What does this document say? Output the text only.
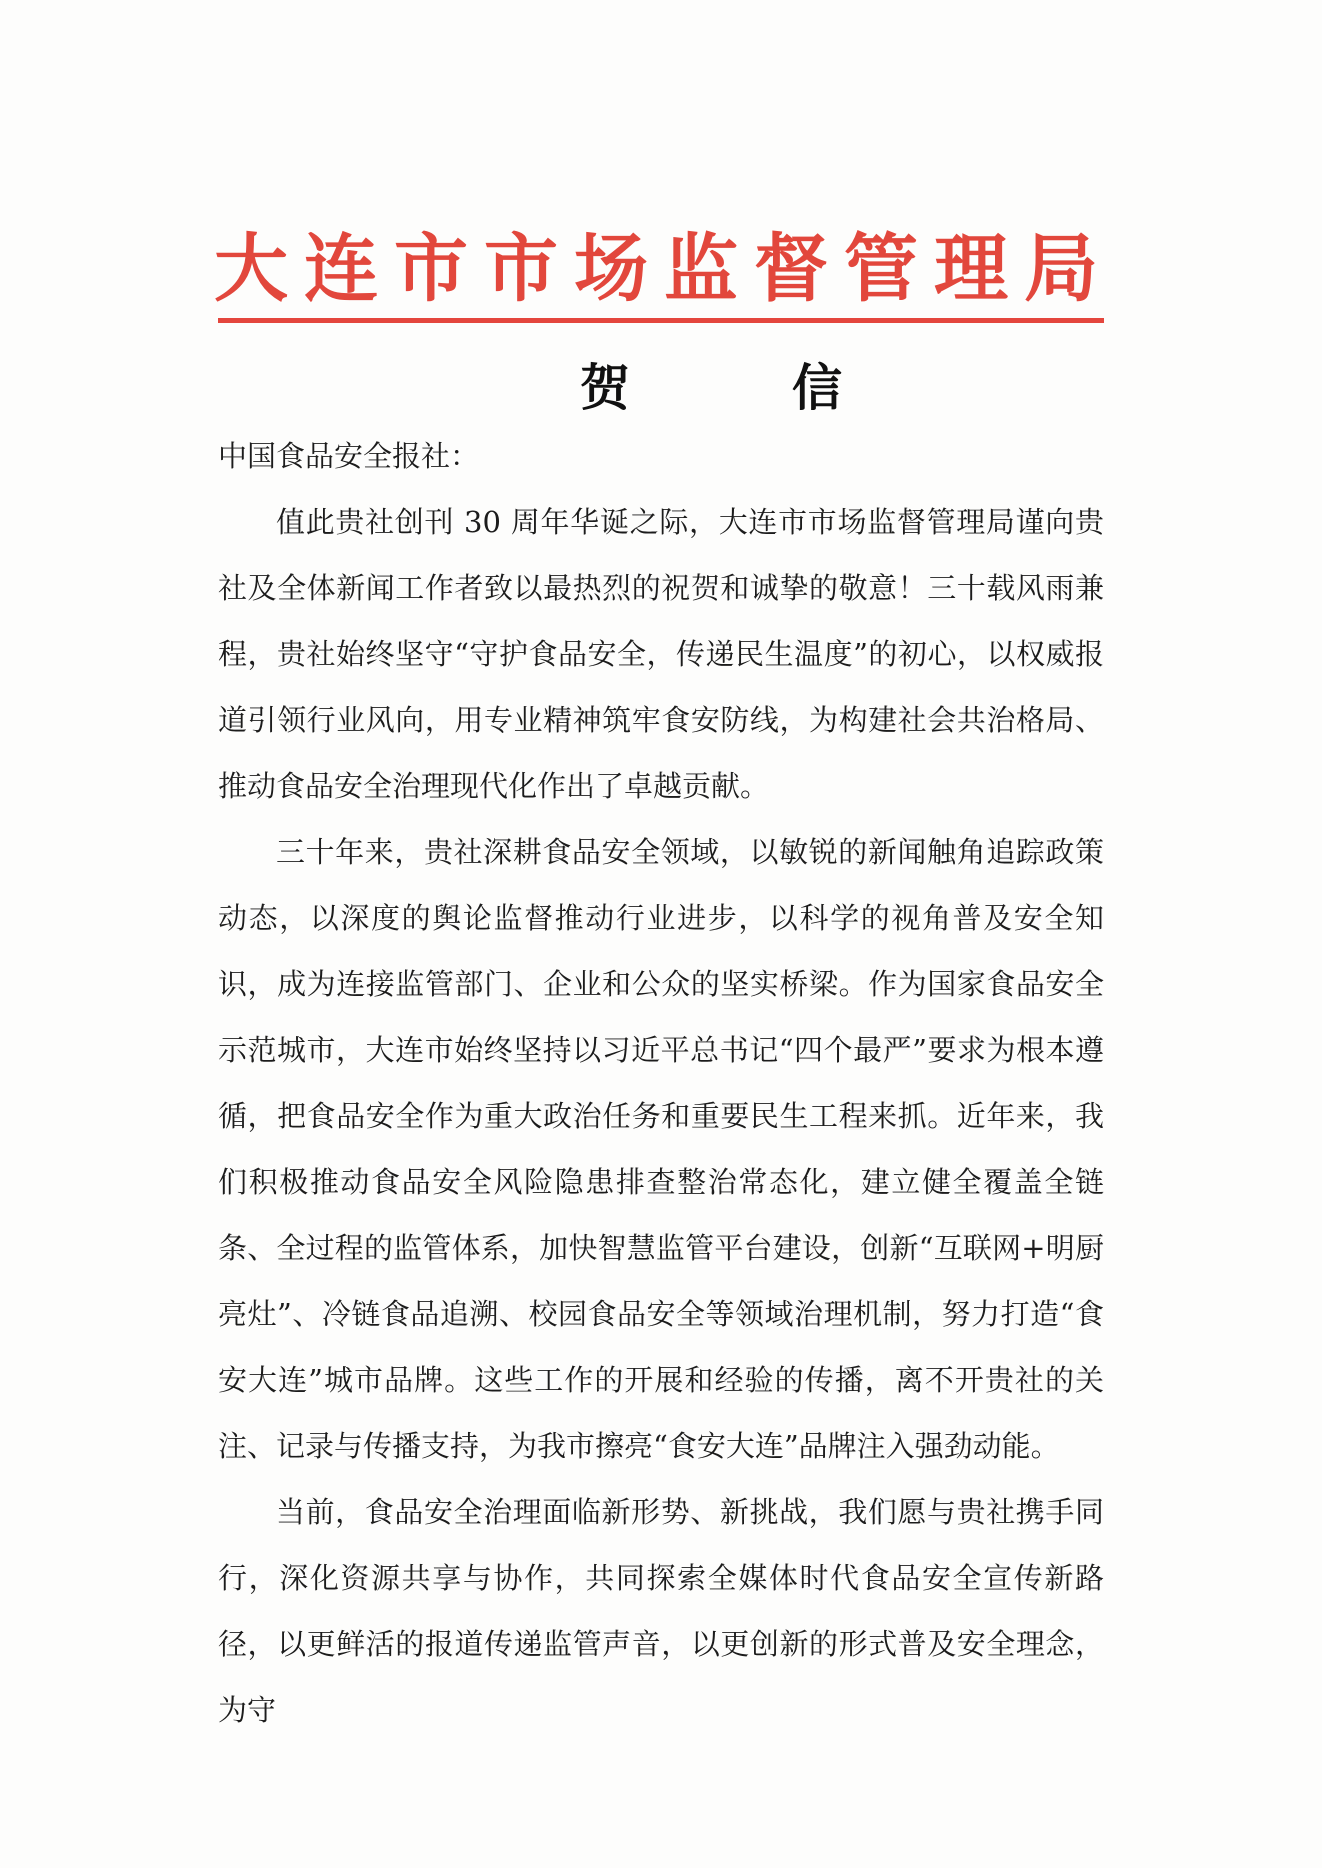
大连市市场监督管理局
贺　　信

中国食品安全报社：

值此贵社创刊 30 周年华诞之际，大连市市场监督管理局谨向贵社及全体新闻工作者致以最热烈的祝贺和诚挚的敬意！三十载风雨兼程，贵社始终坚守“守护食品安全，传递民生温度”的初心，以权威报道引领行业风向，用专业精神筑牢食安防线，为构建社会共治格局、推动食品安全治理现代化作出了卓越贡献。

三十年来，贵社深耕食品安全领域，以敏锐的新闻触角追踪政策动态，以深度的舆论监督推动行业进步，以科学的视角普及安全知识，成为连接监管部门、企业和公众的坚实桥梁。作为国家食品安全示范城市，大连市始终坚持以习近平总书记“四个最严”要求为根本遵循，把食品安全作为重大政治任务和重要民生工程来抓。近年来，我们积极推动食品安全风险隐患排查整治常态化，建立健全覆盖全链条、全过程的监管体系，加快智慧监管平台建设，创新“互联网+明厨亮灶”、冷链食品追溯、校园食品安全等领域治理机制，努力打造“食安大连”城市品牌。这些工作的开展和经验的传播，离不开贵社的关注、记录与传播支持，为我市擦亮“食安大连”品牌注入强劲动能。

当前，食品安全治理面临新形势、新挑战，我们愿与贵社携手同行，深化资源共享与协作，共同探索全媒体时代食品安全宣传新路径，以更鲜活的报道传递监管声音，以更创新的形式普及安全理念，为守
